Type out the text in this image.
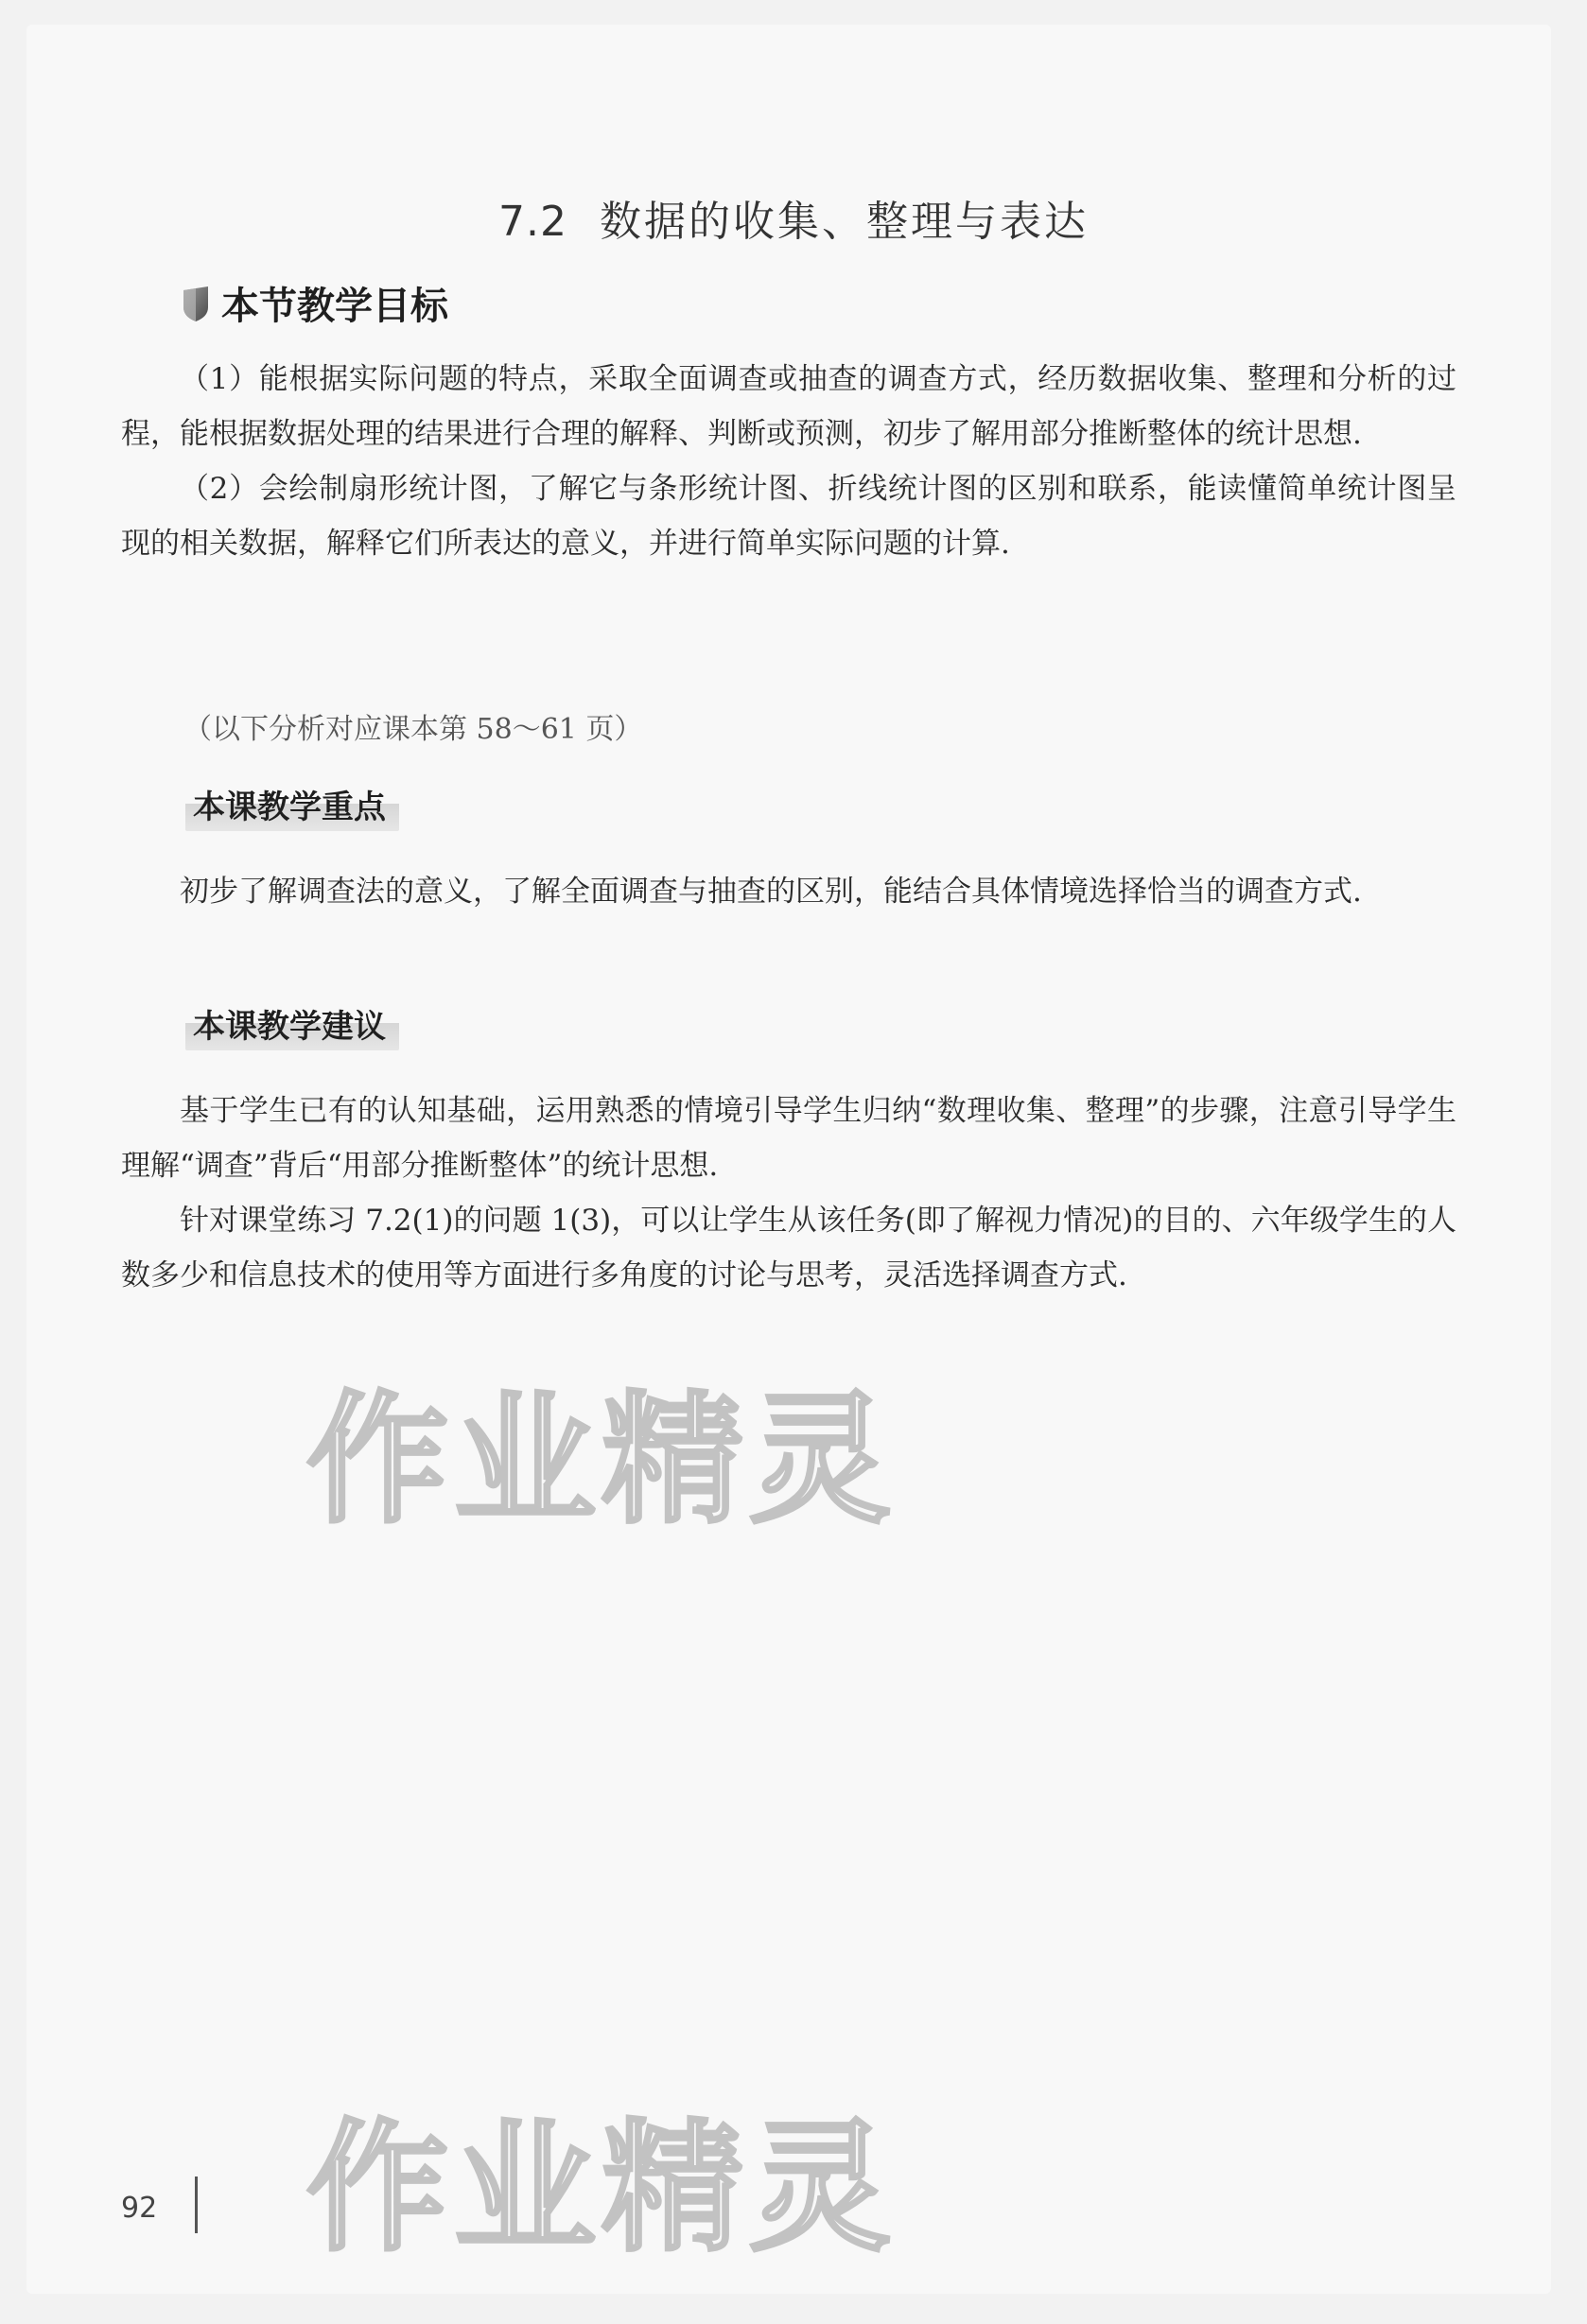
7.2 数据的收集、整理与表达
本节教学目标

（1）能根据实际问题的特点，采取全面调查或抽查的调查方式，经历数据收集、整理和分析的过程，能根据数据处理的结果进行合理的解释、判断或预测，初步了解用部分推断整体的统计思想.

（2）会绘制扇形统计图，了解它与条形统计图、折线统计图的区别和联系，能读懂简单统计图呈现的相关数据，解释它们所表达的意义，并进行简单实际问题的计算.

（以下分析对应课本第 58～61 页）
本课教学重点

初步了解调查法的意义，了解全面调查与抽查的区别，能结合具体情境选择恰当的调查方式.

本课教学建议

基于学生已有的认知基础，运用熟悉的情境引导学生归纳“数理收集、整理”的步骤，注意引导学生理解“调查”背后“用部分推断整体”的统计思想.

针对课堂练习 7.2(1)的问题 1(3)，可以让学生从该任务(即了解视力情况)的目的、六年级学生的人数多少和信息技术的使用等方面进行多角度的讨论与思考，灵活选择调查方式.

作业精灵
作业精灵
92
